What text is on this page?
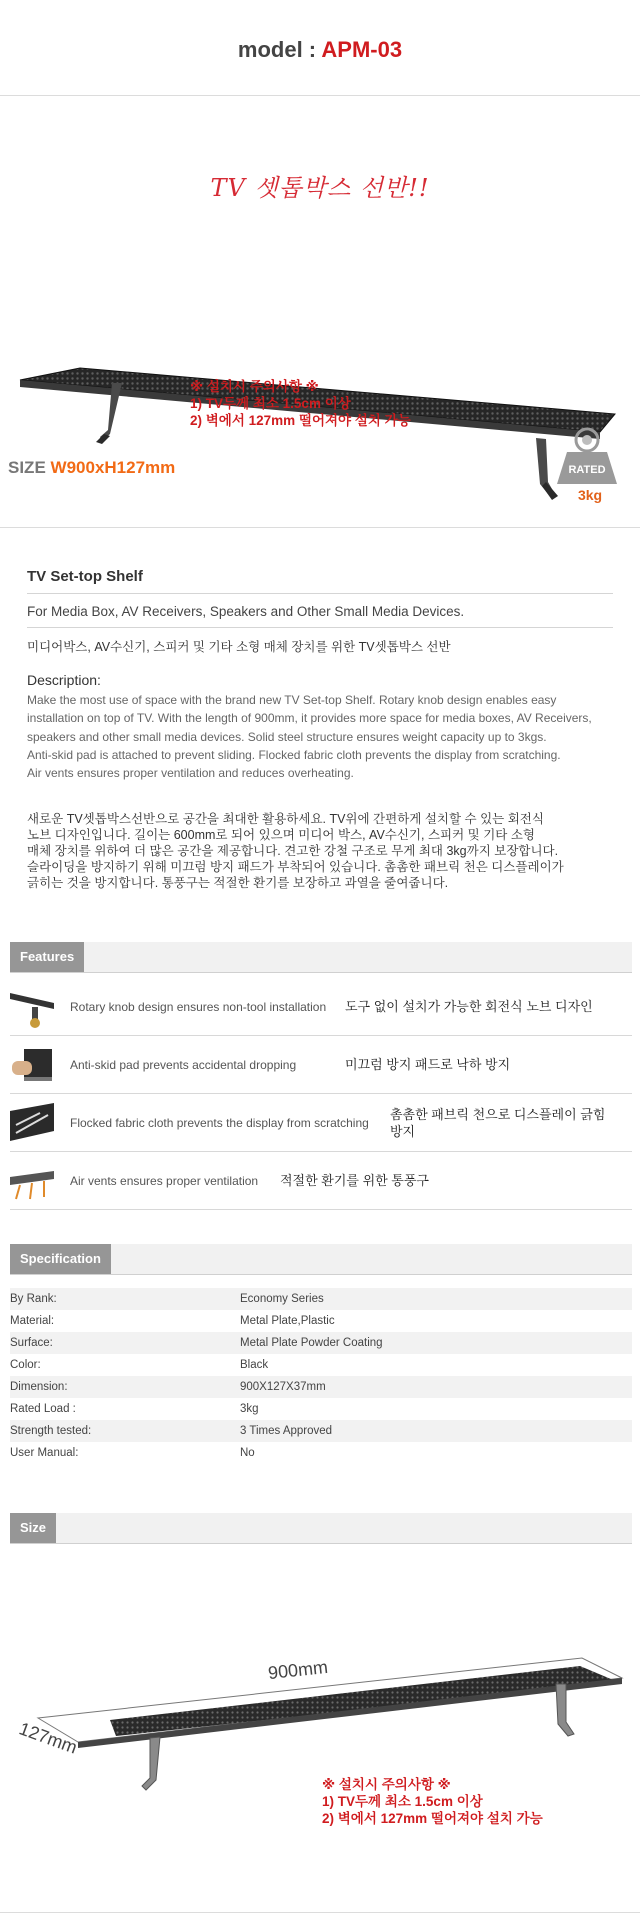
model : APM-03
TV 셋톱박스 선반!!
※ 설치시 주의사항 ※
1) TV두께 최소 1.5cm 이상
2) 벽에서 127mm 떨어져야 설치 가능
SIZE W900xH127mm	RATED
3kg
TV Set-top Shelf
For Media Box, AV Receivers, Speakers and Other Small Media Devices.
미디어박스, AV수신기, 스피커 및 기타 소형 매체 장치를 위한 TV셋톱박스 선반
Description:

Make the most use of space with the brand new TV Set-top Shelf. Rotary knob design enables easy

installation on top of TV. With the length of 900mm, it provides more space for media boxes, AV Receivers,

speakers and other small media devices. Solid steel structure ensures weight capacity up to 3kgs.

Anti-skid pad is attached to prevent sliding. Flocked fabric cloth prevents the display from scratching.

Air vents ensures proper ventilation and reduces overheating.

새로운 TV셋톱박스선반으로 공간을 최대한 활용하세요. TV위에 간편하게 설치할 수 있는 회전식

노브 디자인입니다. 길이는 600mm로 되어 있으며 미디어 박스, AV수신기, 스피커 및 기타 소형

매체 장치를 위하여 더 많은 공간을 제공합니다. 견고한 강철 구조로 무게 최대 3kg까지 보장합니다.

슬라이딩을 방지하기 위해 미끄럼 방지 패드가 부착되어 있습니다. 촘촘한 패브릭 천은 디스플레이가

긁히는 것을 방지합니다. 통풍구는 적절한 환기를 보장하고 과열을 줄여줍니다.

Features
Rotary knob design ensures non-tool installation 도구 없이 설치가 가능한 회전식 노브 디자인
Anti-skid pad prevents accidental dropping	미끄럼 방지 패드로 낙하 방지
Flocked fabric cloth prevents the display from scratching
촘촘한 패브릭 천으로 디스플레이 긁힘 방지
Air vents ensures proper ventilation 적절한 환기를 위한 통풍구
Specification
By Rank:	Economy Series
Material:	Metal Plate,Plastic
Surface:	Metal Plate Powder Coating
Color:	Black
Dimension:	900X127X37mm
Rated Load :	3kg
Strength tested:	3 Times Approved
User Manual:	No
Size
900mm
127mm
※ 설치시 주의사항 ※
1) TV두께 최소 1.5cm 이상
2) 벽에서 127mm 떨어져야 설치 가능
